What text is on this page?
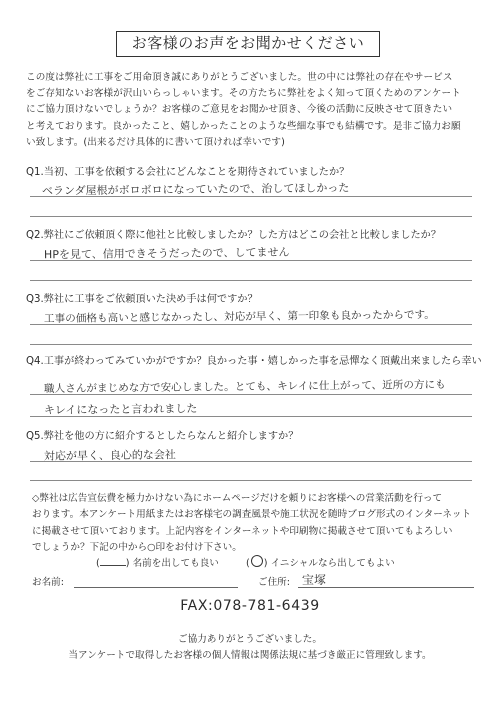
お客様のお声をお聞かせください

この度は弊社に工事をご用命頂き誠にありがとうございました。世の中には弊社の存在やサービス

をご存知ないお客様が沢山いらっしゃいます。その方たちに弊社をよく知って頂くためのアンケート

にご協力頂けないでしょうか？お客様のご意見をお聞かせ頂き、今後の活動に反映させて頂きたい

と考えております。良かったこと、嬉しかったことのような些細な事でも結構です。是非ご協力お願

い致します。(出来るだけ具体的に書いて頂ければ幸いです)

Q1.当初、工事を依頼する会社にどんなことを期待されていましたか？
ベランダ屋根がボロボロになっていたので、治してほしかった
Q2.弊社にご依頼頂く際に他社と比較しましたか？した方はどこの会社と比較しましたか？
HPを見て、信用できそうだったので、してません
Q3.弊社に工事をご依頼頂いた決め手は何ですか？
工事の価格も高いと感じなかったし、対応が早く、第一印象も良かったからです。
Q4.工事が終わってみていかがですか？良かった事・嬉しかった事を忌憚なく頂戴出来ましたら幸い
職人さんがまじめな方で安心しました。とても、キレイに仕上がって、近所の方にも
キレイになったと言われました
Q5.弊社を他の方に紹介するとしたらなんと紹介しますか？
対応が早く、良心的な会社

◇弊社は広告宣伝費を極力かけない為にホームページだけを頼りにお客様への営業活動を行って

おります。本アンケート用紙またはお客様宅の調査風景や施工状況を随時ブログ形式のインターネット

に掲載させて頂いております。上記内容をインターネットや印刷物に掲載させて頂いてもよろしい

でしょうか？下記の中から○印をお付け下さい。

(	) 名前を出しても良い	( ) イニシャルなら出してもよい
お名前:	ご住所: 宝塚
FAX:078-781-6439
ご協力ありがとうございました。
当アンケートで取得したお客様の個人情報は関係法規に基づき厳正に管理致します。
